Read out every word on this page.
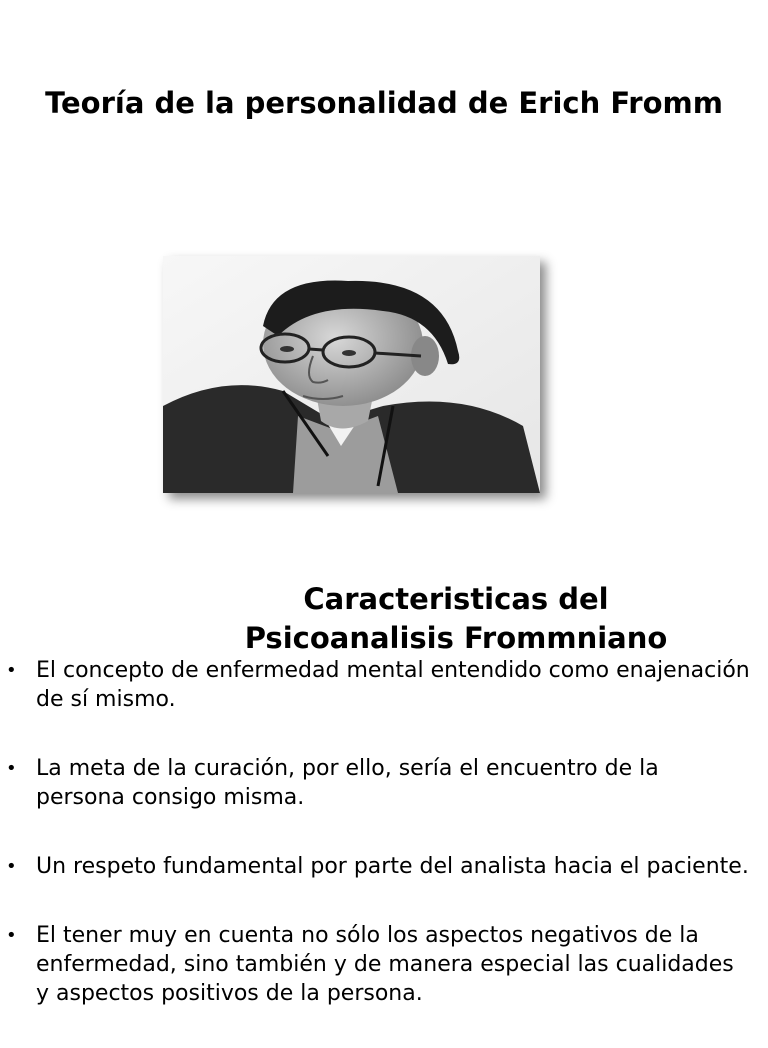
Teoría de la personalidad de Erich Fromm
Caracteristicas del Psicoanalisis Frommniano
• El concepto de enfermedad mental entendido como enajenación de sí mismo.
• La meta de la curación, por ello, sería el encuentro de la persona consigo misma.
• Un respeto fundamental por parte del analista hacia el paciente.
• El tener muy en cuenta no sólo los aspectos negativos de la enfermedad, sino también y de manera especial las cualidades y aspectos positivos de la persona.
